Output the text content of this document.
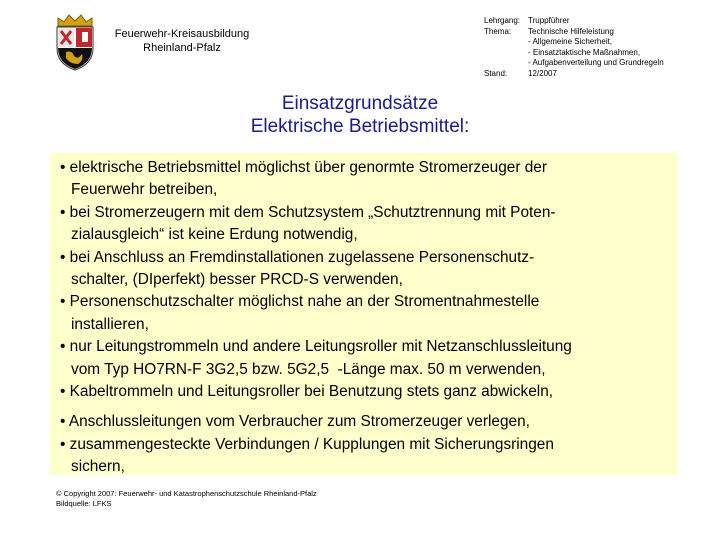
Feuerwehr-Kreisausbildung
Rheinland-Pfalz
Lehrgang: Truppführer
Thema:	Technische Hilfeleistung
- Allgemeine Sicherheit,
- Einsatztaktische Maßnahmen,
- Aufgabenverteilung und Grundregeln
Stand:	12/2007
Einsatzgrundsätze
Elektrische Betriebsmittel:
• elektrische Betriebsmittel möglichst über genormte Stromerzeuger der
Feuerwehr betreiben,
• bei Stromerzeugern mit dem Schutzsystem „Schutztrennung mit Poten-
zialausgleich“ ist keine Erdung notwendig,
• bei Anschluss an Fremdinstallationen zugelassene Personenschutz-
schalter, (DIperfekt) besser PRCD-S verwenden,
• Personenschutzschalter möglichst nahe an der Stromentnahmestelle
installieren,
• nur Leitungstrommeln und andere Leitungsroller mit Netzanschlussleitung
vom Typ HO7RN-F 3G2,5 bzw. 5G2,5  -Länge max. 50 m verwenden,
• Kabeltrommeln und Leitungsroller bei Benutzung stets ganz abwickeln,
• Anschlussleitungen vom Verbraucher zum Stromerzeuger verlegen,
• zusammengesteckte Verbindungen / Kupplungen mit Sicherungsringen
sichern,
© Copyright 2007: Feuerwehr- und Katastrophenschutzschule Rheinland-Pfalz
Bildquelle: LFKS
